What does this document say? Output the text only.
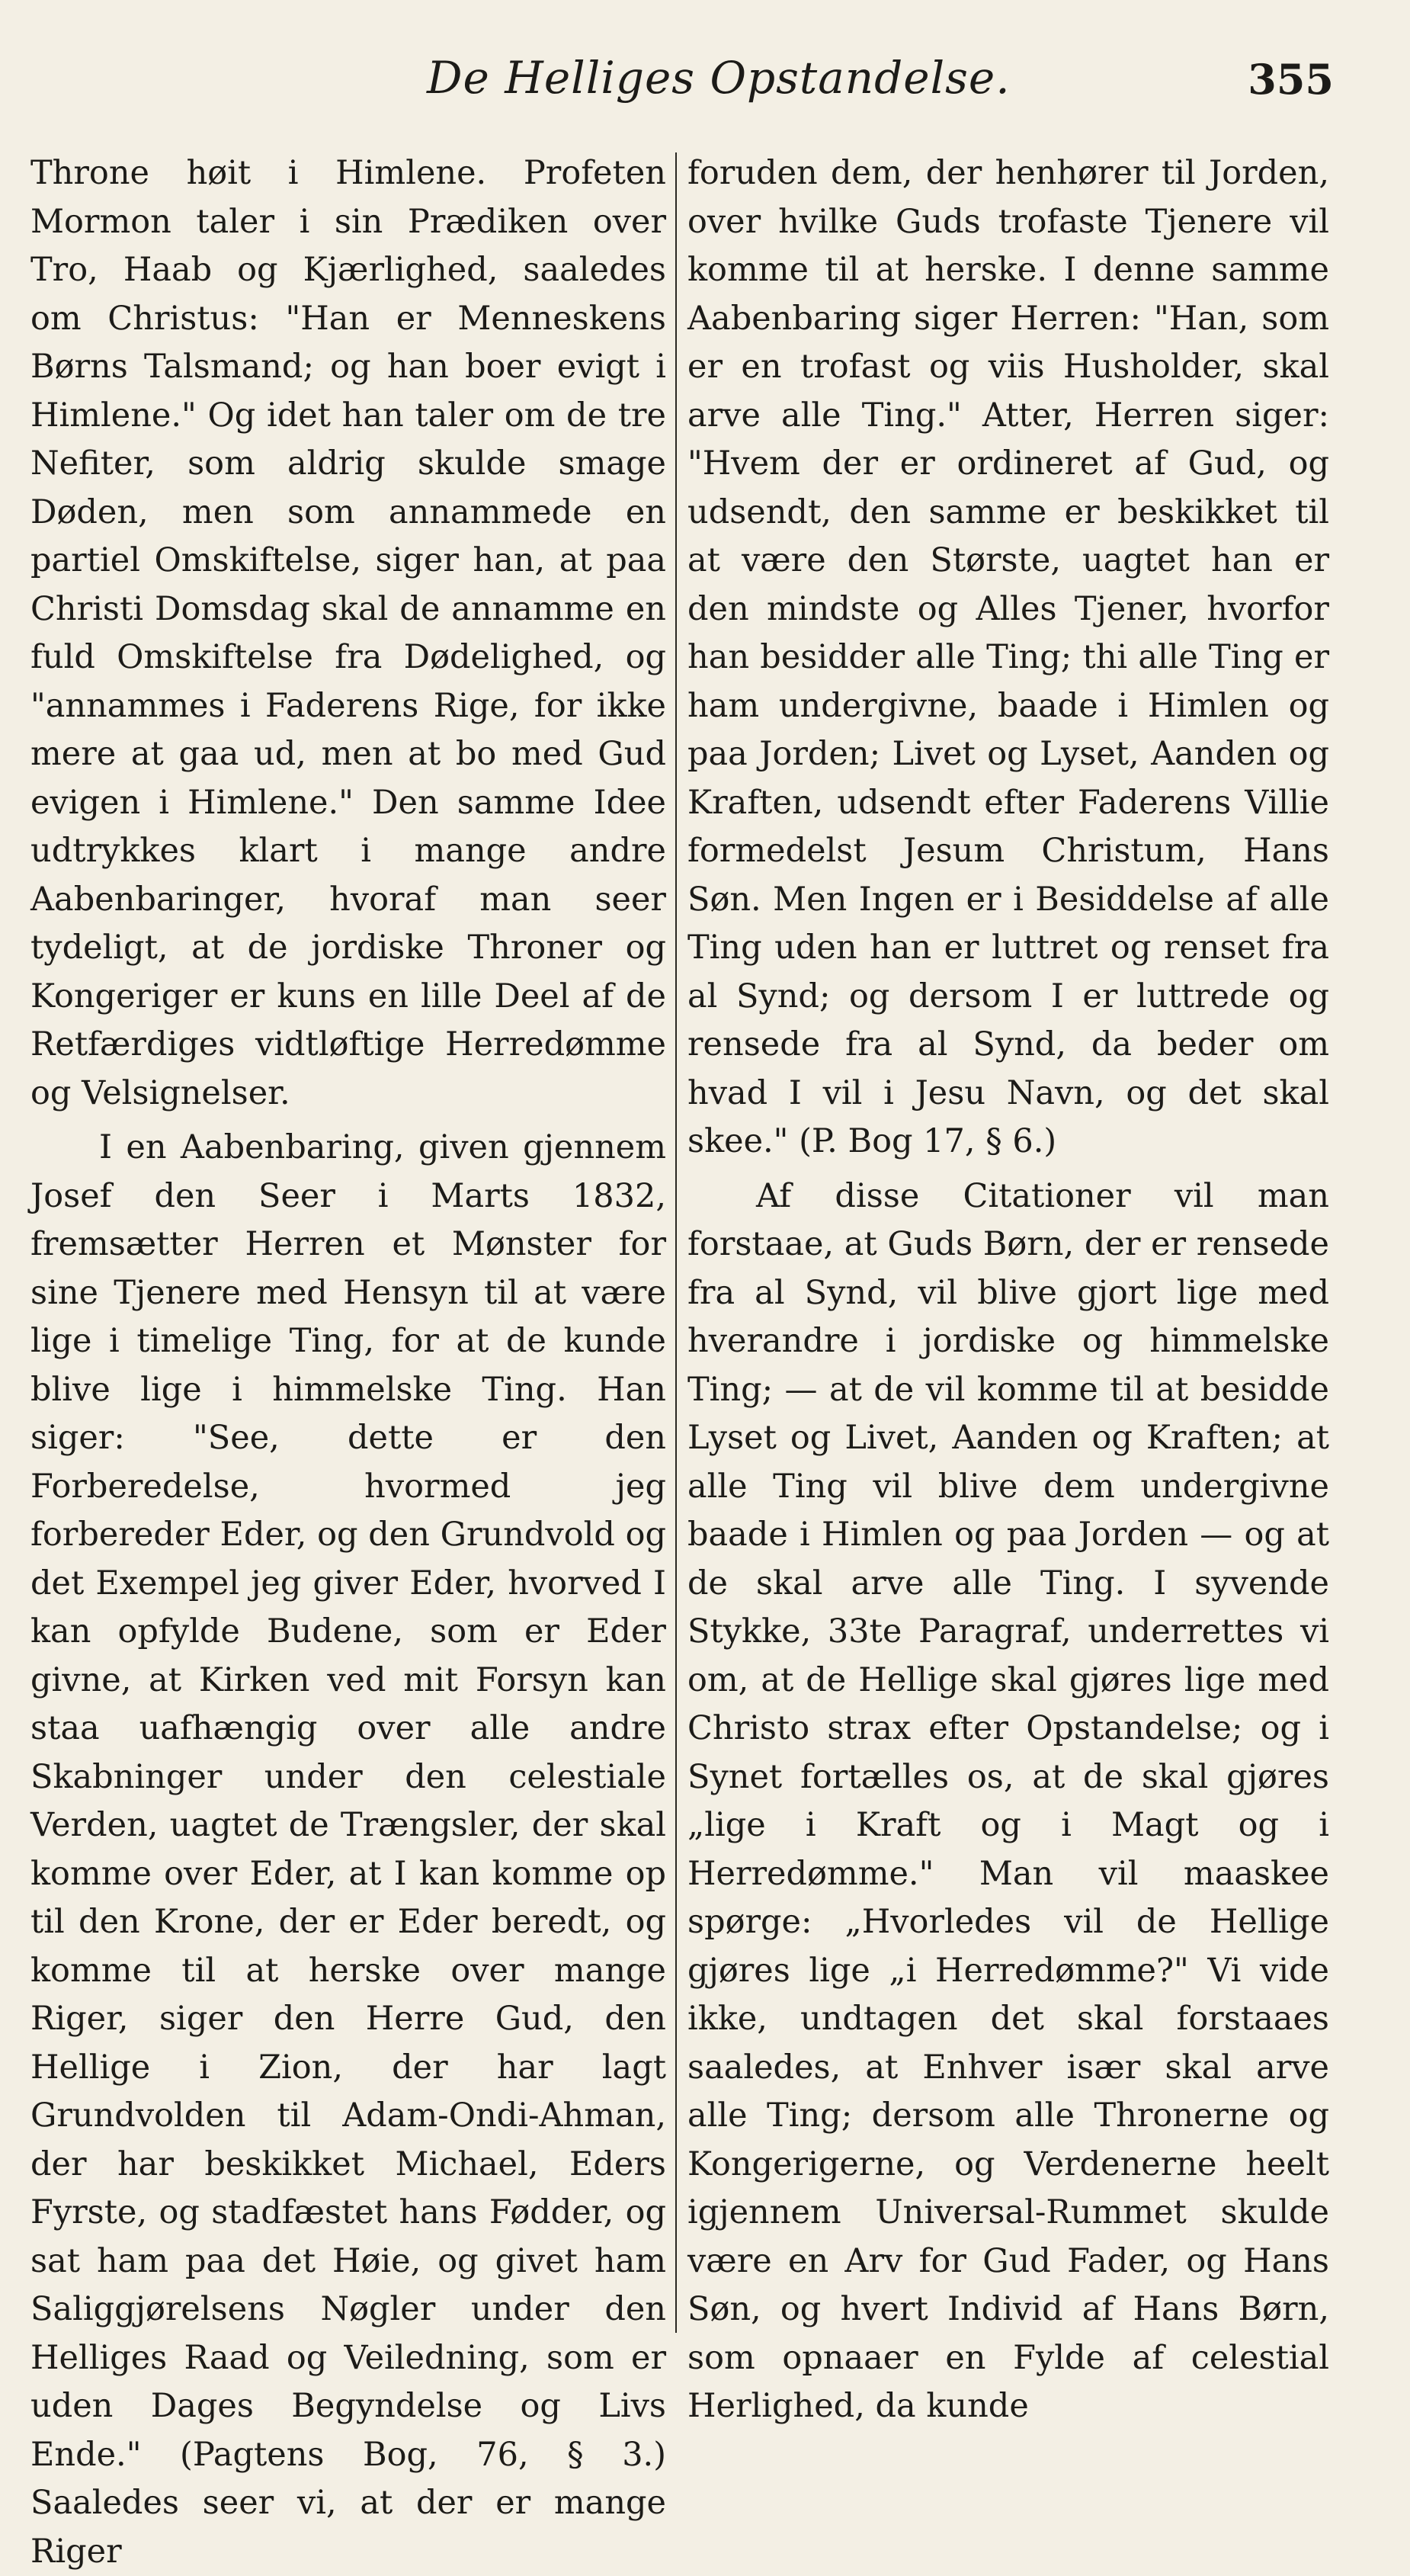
De Helliges Opstandelse.	355

Throne høit i Himlene. Profeten Mormon taler i sin Prædiken over Tro, Haab og Kjærlighed, saaledes om Christus: "Han er Menneskens Børns Talsmand; og han boer evigt i Himlene." Og idet han taler om de tre Nefiter, som aldrig skulde smage Døden, men som annammede en partiel Omskiftelse, siger han, at paa Christi Domsdag skal de annamme en fuld Omskiftelse fra Dødelighed, og "annammes i Faderens Rige, for ikke mere at gaa ud, men at bo med Gud evigen i Himlene." Den samme Idee udtrykkes klart i mange andre Aabenbaringer, hvoraf man seer tydeligt, at de jordiske Throner og Kongeriger er kuns en lille Deel af de Retfærdiges vidtløftige Herredømme og Velsignelser.

I en Aabenbaring, given gjennem Josef den Seer i Marts 1832, fremsætter Herren et Mønster for sine Tjenere med Hensyn til at være lige i timelige Ting, for at de kunde blive lige i himmelske Ting. Han siger: "See, dette er den Forberedelse, hvormed jeg forbereder Eder, og den Grundvold og det Exempel jeg giver Eder, hvorved I kan opfylde Budene, som er Eder givne, at Kirken ved mit Forsyn kan staa uafhængig over alle andre Skabninger under den celestiale Verden, uagtet de Trængsler, der skal komme over Eder, at I kan komme op til den Krone, der er Eder beredt, og komme til at herske over mange Riger, siger den Herre Gud, den Hellige i Zion, der har lagt Grundvolden til Adam-Ondi-Ahman, der har beskikket Michael, Eders Fyrste, og stadfæstet hans Fødder, og sat ham paa det Høie, og givet ham Saliggjørelsens Nøgler under den Helliges Raad og Veiledning, som er uden Dages Begyndelse og Livs Ende." (Pagtens Bog, 76, § 3.) Saaledes seer vi, at der er mange Riger

foruden dem, der henhører til Jorden, over hvilke Guds trofaste Tjenere vil komme til at herske. I denne samme Aabenbaring siger Herren: "Han, som er en trofast og viis Husholder, skal arve alle Ting." Atter, Herren siger: "Hvem der er ordineret af Gud, og udsendt, den samme er beskikket til at være den Største, uagtet han er den mindste og Alles Tjener, hvorfor han besidder alle Ting; thi alle Ting er ham undergivne, baade i Himlen og paa Jorden; Livet og Lyset, Aanden og Kraften, udsendt efter Faderens Villie formedelst Jesum Christum, Hans Søn. Men Ingen er i Besiddelse af alle Ting uden han er luttret og renset fra al Synd; og dersom I er luttrede og rensede fra al Synd, da beder om hvad I vil i Jesu Navn, og det skal skee." (P. Bog 17, § 6.)

Af disse Citationer vil man forstaae, at Guds Børn, der er rensede fra al Synd, vil blive gjort lige med hverandre i jordiske og himmelske Ting; — at de vil komme til at besidde Lyset og Livet, Aanden og Kraften; at alle Ting vil blive dem undergivne baade i Himlen og paa Jorden — og at de skal arve alle Ting. I syvende Stykke, 33te Paragraf, underrettes vi om, at de Hellige skal gjøres lige med Christo strax efter Opstandelse; og i Synet fortælles os, at de skal gjøres „lige i Kraft og i Magt og i Herredømme." Man vil maaskee spørge: „Hvorledes vil de Hellige gjøres lige „i Herredømme?" Vi vide ikke, undtagen det skal forstaaes saaledes, at Enhver især skal arve alle Ting; dersom alle Thronerne og Kongerigerne, og Verdenerne heelt igjennem Universal-Rummet skulde være en Arv for Gud Fader, og Hans Søn, og hvert Individ af Hans Børn, som opnaaer en Fylde af celestial Herlighed, da kunde
